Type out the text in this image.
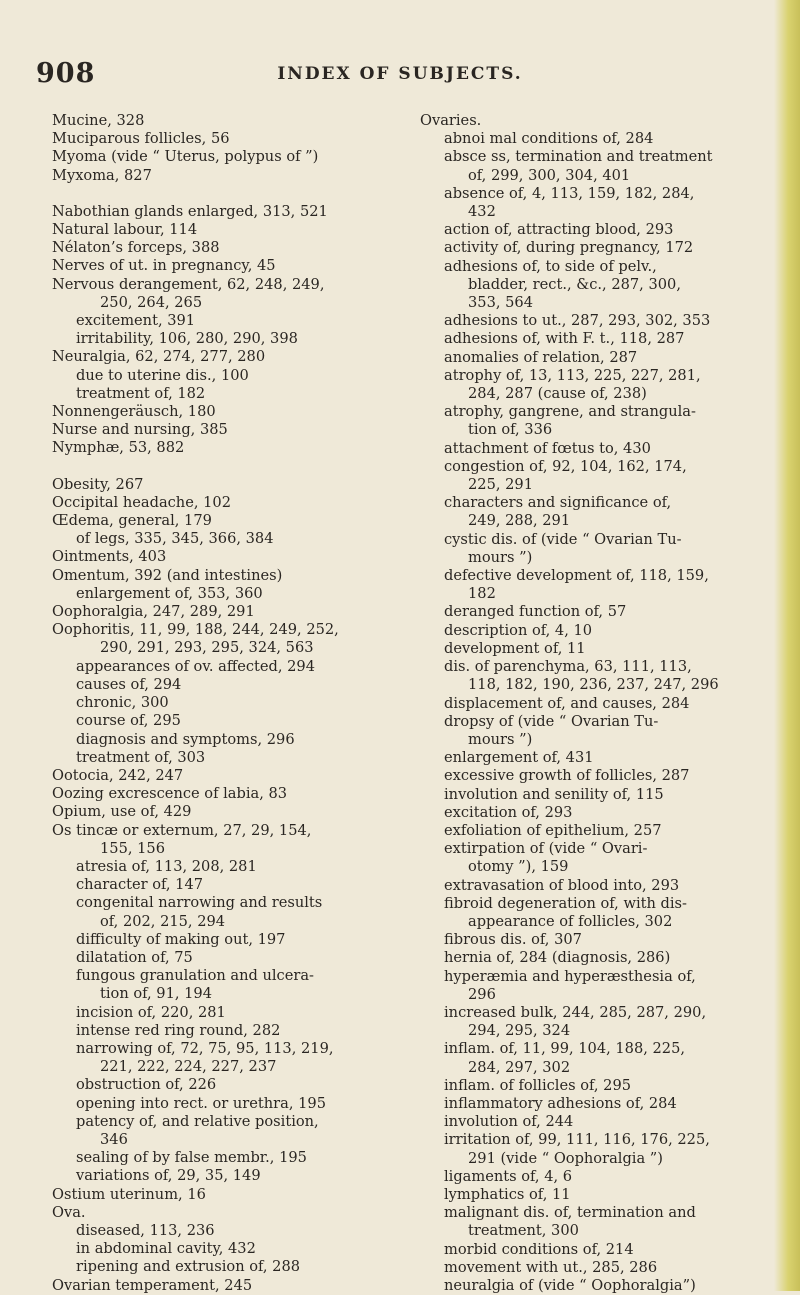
908	INDEX OF SUBJECTS.
Mucine, 328
Muciparous follicles, 56
Myoma (vide “ Uterus, polypus of ”)
Myxoma, 827
Nabothian glands enlarged, 313, 521
Natural labour, 114
Nélaton’s forceps, 388
Nerves of ut. in pregnancy, 45
Nervous derangement, 62, 248, 249,
250, 264, 265
excitement, 391
irritability, 106, 280, 290, 398
Neuralgia, 62, 274, 277, 280
due to uterine dis., 100
treatment of, 182
Nonnengeräusch, 180
Nurse and nursing, 385
Nymphæ, 53, 882
Obesity, 267
Occipital headache, 102
Œdema, general, 179
of legs, 335, 345, 366, 384
Ointments, 403
Omentum, 392 (and intestines)
enlargement of, 353, 360
Oophoralgia, 247, 289, 291
Oophoritis, 11, 99, 188, 244, 249, 252,
290, 291, 293, 295, 324, 563
appearances of ov. affected, 294
causes of, 294
chronic, 300
course of, 295
diagnosis and symptoms, 296
treatment of, 303
Ootocia, 242, 247
Oozing excrescence of labia, 83
Opium, use of, 429
Os tincæ or externum, 27, 29, 154,
155, 156
atresia of, 113, 208, 281
character of, 147
congenital narrowing and results
of, 202, 215, 294
difficulty of making out, 197
dilatation of, 75
fungous granulation and ulcera-
tion of, 91, 194
incision of, 220, 281
intense red ring round, 282
narrowing of, 72, 75, 95, 113, 219,
221, 222, 224, 227, 237
obstruction of, 226
opening into rect. or urethra, 195
patency of, and relative position,
346
sealing of by false membr., 195
variations of, 29, 35, 149
Ostium uterinum, 16
Ova.
diseased, 113, 236
in abdominal cavity, 432
ripening and extrusion of, 288
Ovarian temperament, 245
Ovaries.
abnoi mal conditions of, 284
absce ss, termination and treatment
of, 299, 300, 304, 401
absence of, 4, 113, 159, 182, 284,
432
action of, attracting blood, 293
activity of, during pregnancy, 172
adhesions of, to side of pelv.,
bladder, rect., &c., 287, 300,
353, 564
adhesions to ut., 287, 293, 302, 353
adhesions of, with F. t., 118, 287
anomalies of relation, 287
atrophy of, 13, 113, 225, 227, 281,
284, 287 (cause of, 238)
atrophy, gangrene, and strangula-
tion of, 336
attachment of fœtus to, 430
congestion of, 92, 104, 162, 174,
225, 291
characters and significance of,
249, 288, 291
cystic dis. of (vide “ Ovarian Tu-
mours ”)
defective development of, 118, 159,
182
deranged function of, 57
description of, 4, 10
development of, 11
dis. of parenchyma, 63, 111, 113,
118, 182, 190, 236, 237, 247, 296
displacement of, and causes, 284
dropsy of (vide “ Ovarian Tu-
mours ”)
enlargement of, 431
excessive growth of follicles, 287
involution and senility of, 115
excitation of, 293
exfoliation of epithelium, 257
extirpation of (vide “ Ovari-
otomy ”), 159
extravasation of blood into, 293
fibroid degeneration of, with dis-
appearance of follicles, 302
fibrous dis. of, 307
hernia of, 284 (diagnosis, 286)
hyperæmia and hyperæsthesia of,
296
increased bulk, 244, 285, 287, 290,
294, 295, 324
inflam. of, 11, 99, 104, 188, 225,
284, 297, 302
inflam. of follicles of, 295
inflammatory adhesions of, 284
involution of, 244
irritation of, 99, 111, 116, 176, 225,
291 (vide “ Oophoralgia ”)
ligaments of, 4, 6
lymphatics of, 11
malignant dis. of, termination and
treatment, 300
morbid conditions of, 214
movement with ut., 285, 286
neuralgia of (vide “ Oophoralgia”)
